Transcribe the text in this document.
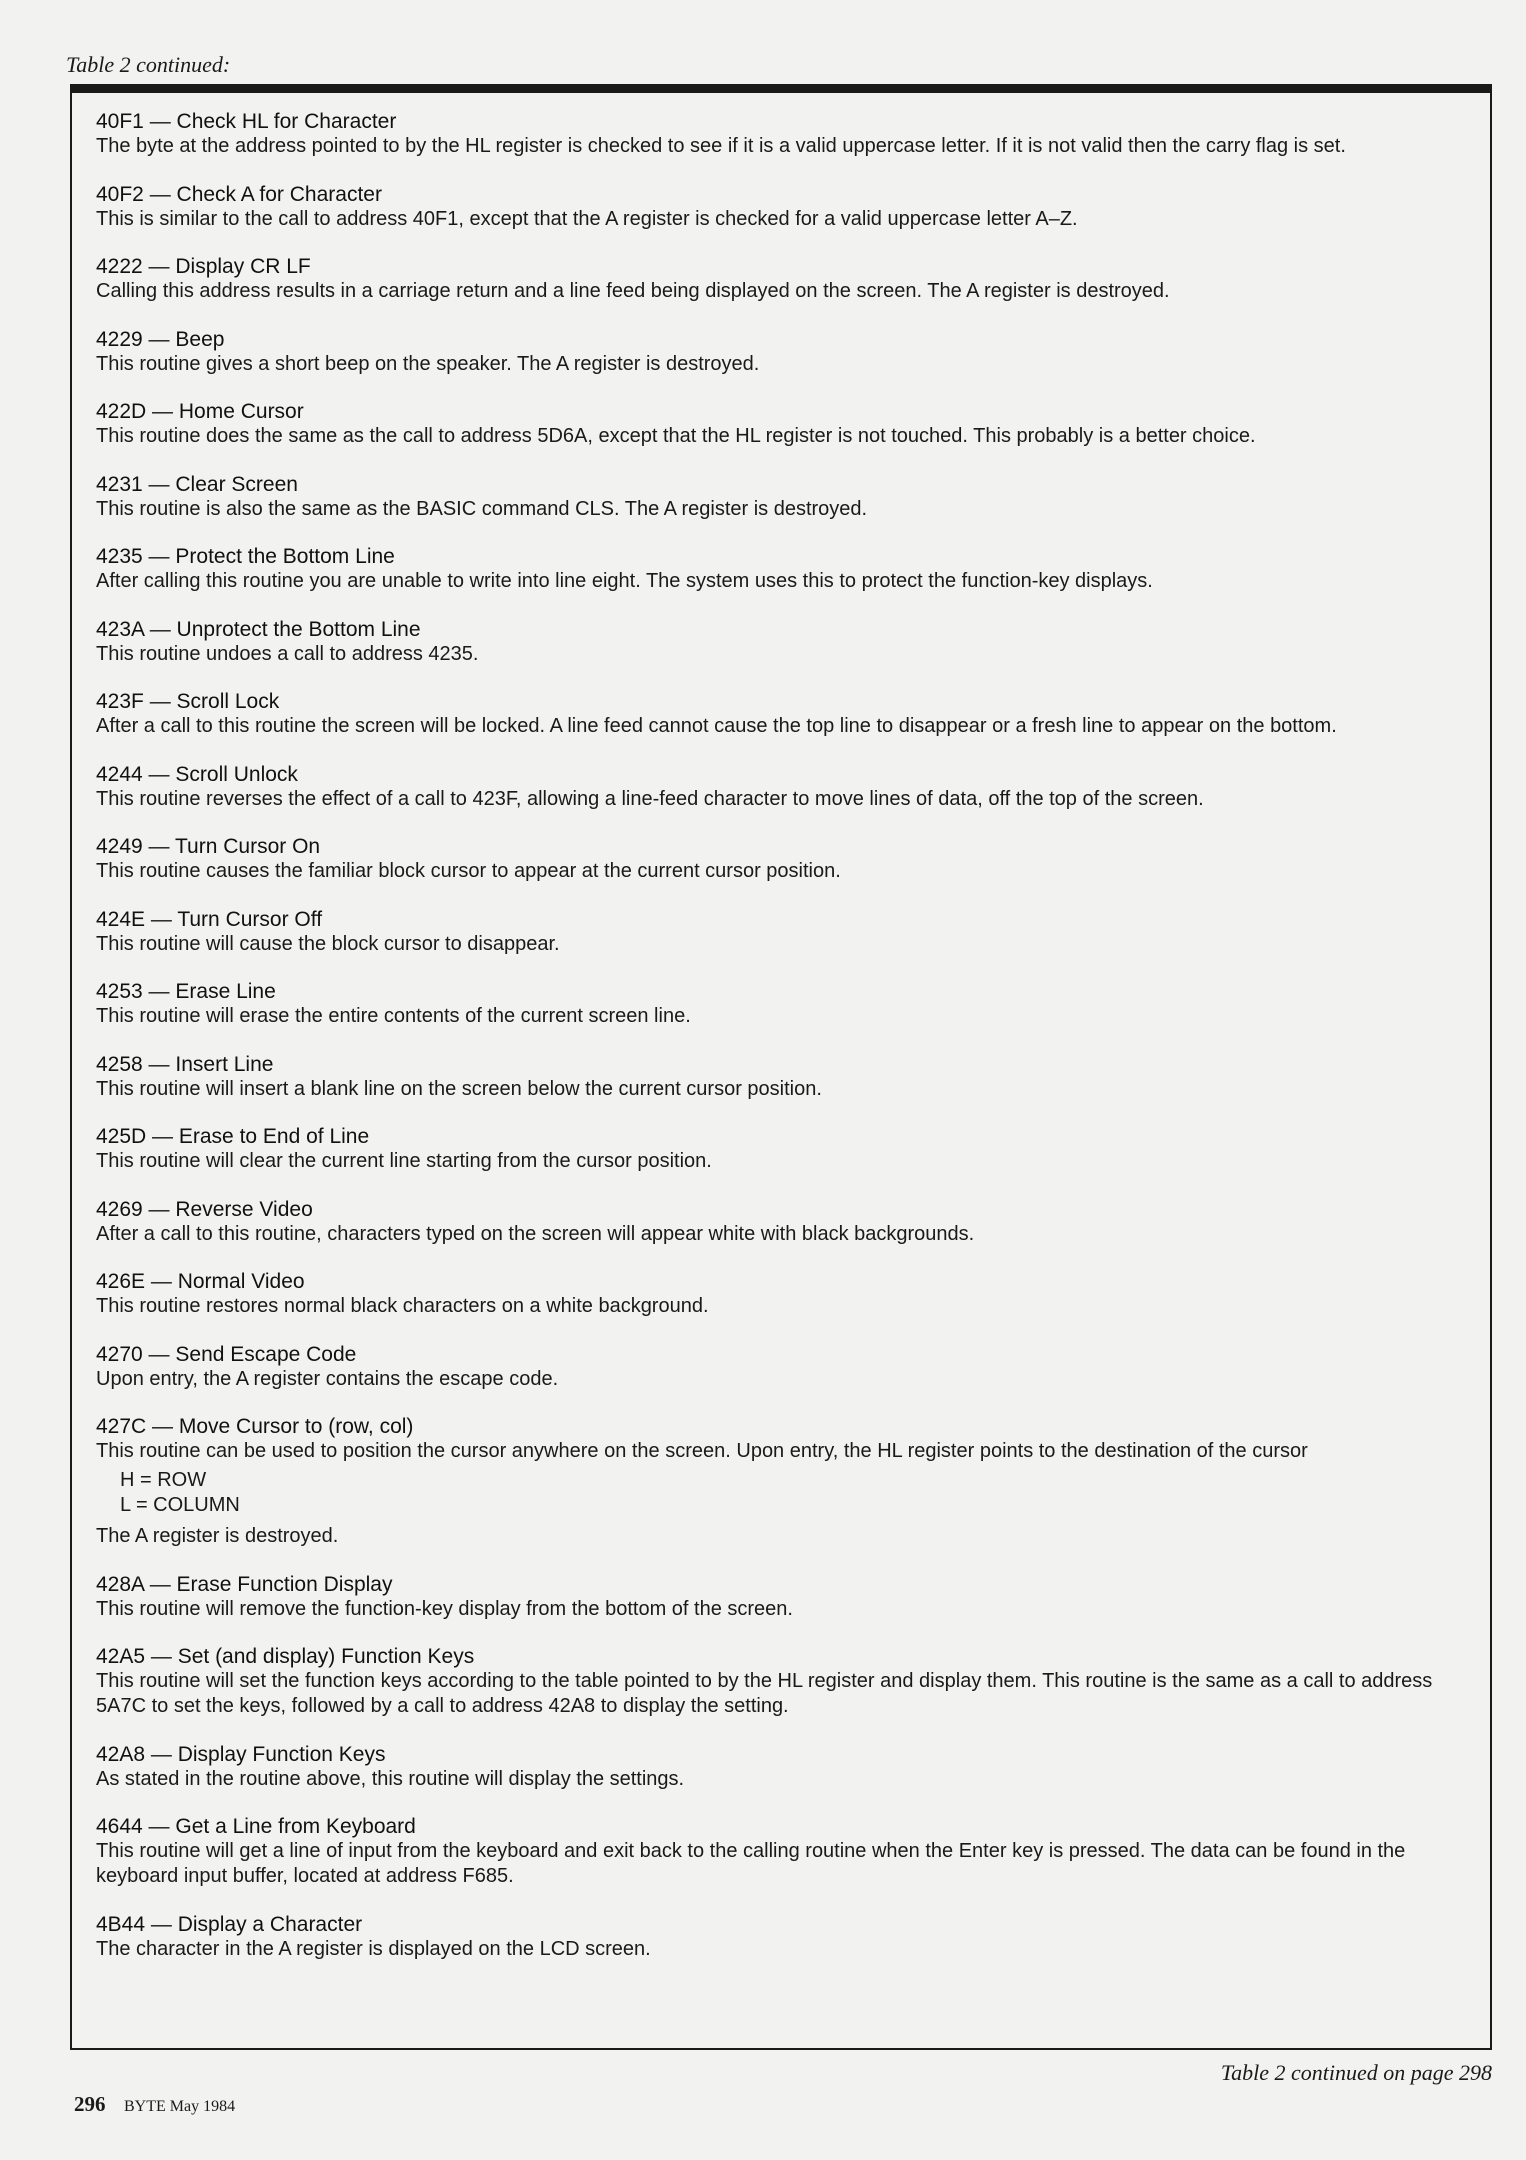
Table 2 continued:
40F1 — Check HL for Character
The byte at the address pointed to by the HL register is checked to see if it is a valid uppercase letter. If it is not valid then the carry flag is set.
40F2 — Check A for Character
This is similar to the call to address 40F1, except that the A register is checked for a valid uppercase letter A–Z.
4222 — Display CR LF
Calling this address results in a carriage return and a line feed being displayed on the screen. The A register is destroyed.
4229 — Beep
This routine gives a short beep on the speaker. The A register is destroyed.
422D — Home Cursor
This routine does the same as the call to address 5D6A, except that the HL register is not touched. This probably is a better choice.
4231 — Clear Screen
This routine is also the same as the BASIC command CLS. The A register is destroyed.
4235 — Protect the Bottom Line
After calling this routine you are unable to write into line eight. The system uses this to protect the function-key displays.
423A — Unprotect the Bottom Line
This routine undoes a call to address 4235.
423F — Scroll Lock
After a call to this routine the screen will be locked. A line feed cannot cause the top line to disappear or a fresh line to appear on the bottom.
4244 — Scroll Unlock
This routine reverses the effect of a call to 423F, allowing a line-feed character to move lines of data, off the top of the screen.
4249 — Turn Cursor On
This routine causes the familiar block cursor to appear at the current cursor position.
424E — Turn Cursor Off
This routine will cause the block cursor to disappear.
4253 — Erase Line
This routine will erase the entire contents of the current screen line.
4258 — Insert Line
This routine will insert a blank line on the screen below the current cursor position.
425D — Erase to End of Line
This routine will clear the current line starting from the cursor position.
4269 — Reverse Video
After a call to this routine, characters typed on the screen will appear white with black backgrounds.
426E — Normal Video
This routine restores normal black characters on a white background.
4270 — Send Escape Code
Upon entry, the A register contains the escape code.
427C — Move Cursor to (row, col)
This routine can be used to position the cursor anywhere on the screen. Upon entry, the HL register points to the destination of the cursor
H = ROW
L = COLUMN
The A register is destroyed.
428A — Erase Function Display
This routine will remove the function-key display from the bottom of the screen.
42A5 — Set (and display) Function Keys
This routine will set the function keys according to the table pointed to by the HL register and display them. This routine is the same as a call to address 5A7C to set the keys, followed by a call to address 42A8 to display the setting.
42A8 — Display Function Keys
As stated in the routine above, this routine will display the settings.
4644 — Get a Line from Keyboard
This routine will get a line of input from the keyboard and exit back to the calling routine when the Enter key is pressed. The data can be found in the keyboard input buffer, located at address F685.
4B44 — Display a Character
The character in the A register is displayed on the LCD screen.
Table 2 continued on page 298
296 BYTE May 1984
